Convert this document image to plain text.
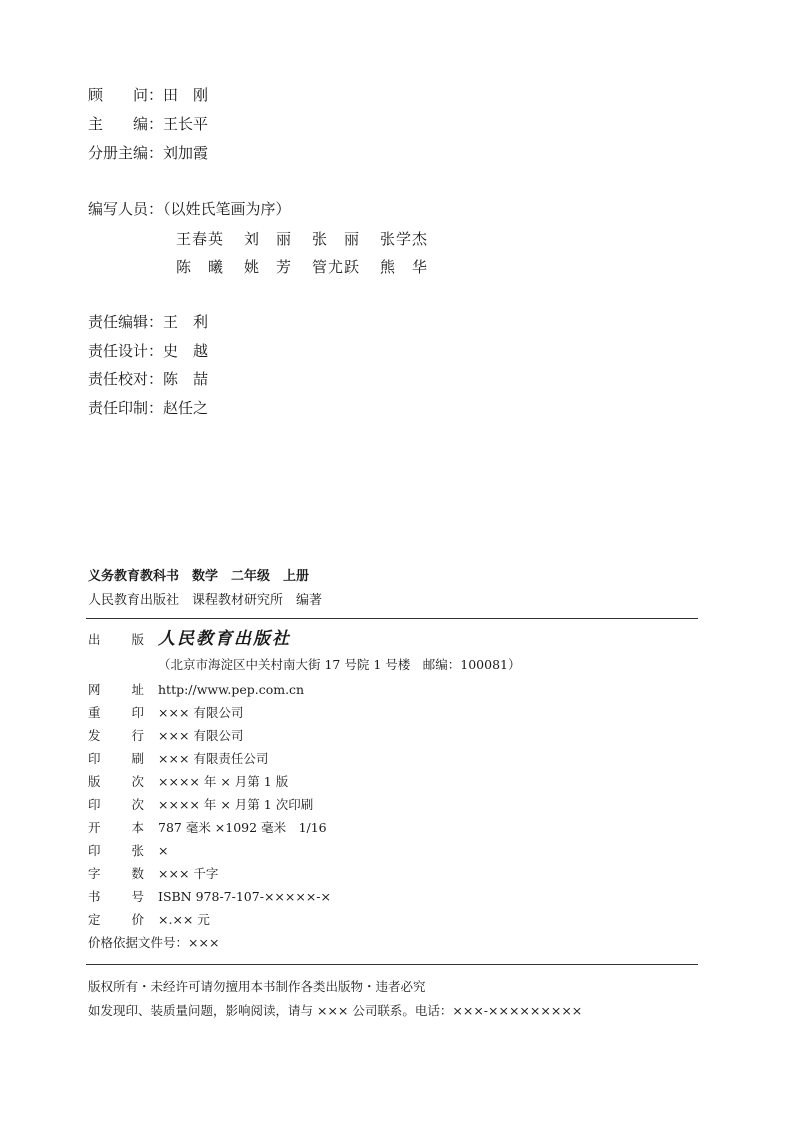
顾　　问：田　刚
主　　编：王长平
分册主编：刘加霞
编写人员：（以姓氏笔画为序）
王春英 刘　丽 张　丽 张学杰
陈　曦 姚　芳 管尤跃 熊　华
责任编辑：王　利
责任设计：史　越
责任校对：陈　喆
责任印制：赵任之
义务教育教科书　数学　二年级　上册
人民教育出版社　课程教材研究所　编著
出　　版 人民教育出版社
（北京市海淀区中关村南大街 17 号院 1 号楼　邮编：100081）
网　　址 http://www.pep.com.cn
重　　印 ××× 有限公司
发　　行 ××× 有限公司
印　　刷 ××× 有限责任公司
版　　次 ×××× 年 × 月第 1 版
印　　次 ×××× 年 × 月第 1 次印刷
开　　本 787 毫米 ×1092 毫米　1/16
印　　张 ×
字　　数 ××× 千字
书　　号 ISBN 978-7-107-×××××-×
定　　价 ×.×× 元
价格依据文件号：×××
版权所有・未经许可请勿擅用本书制作各类出版物・违者必究
如发现印、装质量问题，影响阅读，请与 ××× 公司联系。电话：×××-×××××××××
